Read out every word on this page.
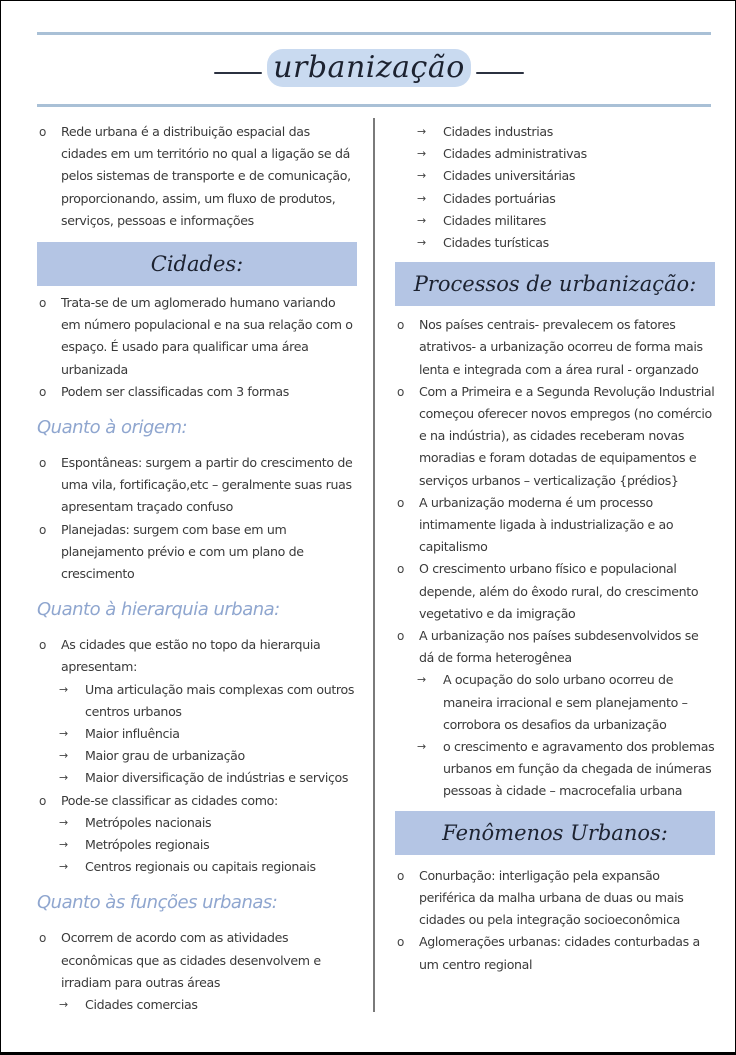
urbanização
o Rede urbana é a distribuição espacial das cidades em um território no qual a ligação se dá pelos sistemas de transporte e de comunicação, proporcionando, assim, um fluxo de produtos, serviços, pessoas e informações
Cidades:
o Trata-se de um aglomerado humano variando em número populacional e na sua relação com o espaço. É usado para qualificar uma área urbanizada
o Podem ser classificadas com 3 formas
Quanto à origem:
o Espontâneas: surgem a partir do crescimento de uma vila, fortificação,etc – geralmente suas ruas apresentam traçado confuso
o Planejadas: surgem com base em um planejamento prévio e com um plano de crescimento
Quanto à hierarquia urbana:
o As cidades que estão no topo da hierarquia apresentam:
→ Uma articulação mais complexas com outros centros urbanos
→ Maior influência
→ Maior grau de urbanização
→ Maior diversificação de indústrias e serviços
o Pode-se classificar as cidades como:
→ Metrópoles nacionais
→ Metrópoles regionais
→ Centros regionais ou capitais regionais
Quanto às funções urbanas:
o Ocorrem de acordo com as atividades econômicas que as cidades desenvolvem e irradiam para outras áreas
→ Cidades comercias
→ Cidades industrias
→ Cidades administrativas
→ Cidades universitárias
→ Cidades portuárias
→ Cidades militares
→ Cidades turísticas
Processos de urbanização:
o Nos países centrais- prevalecem os fatores atrativos- a urbanização ocorreu de forma mais lenta e integrada com a área rural - organzado
o Com a Primeira e a Segunda Revolução Industrial começou oferecer novos empregos (no comércio e na indústria), as cidades receberam novas moradias e foram dotadas de equipamentos e serviços urbanos – verticalização {prédios}
o A urbanização moderna é um processo intimamente ligada à industrialização e ao capitalismo
o O crescimento urbano físico e populacional depende, além do êxodo rural, do crescimento vegetativo e da imigração
o A urbanização nos países subdesenvolvidos se dá de forma heterogênea
→ A ocupação do solo urbano ocorreu de maneira irracional e sem planejamento – corrobora os desafios da urbanização
→ o crescimento e agravamento dos problemas urbanos em função da chegada de inúmeras pessoas à cidade – macrocefalia urbana
Fenômenos Urbanos:
o Conurbação: interligação pela expansão periférica da malha urbana de duas ou mais cidades ou pela integração socioeconômica
o Aglomerações urbanas: cidades conturbadas a um centro regional
